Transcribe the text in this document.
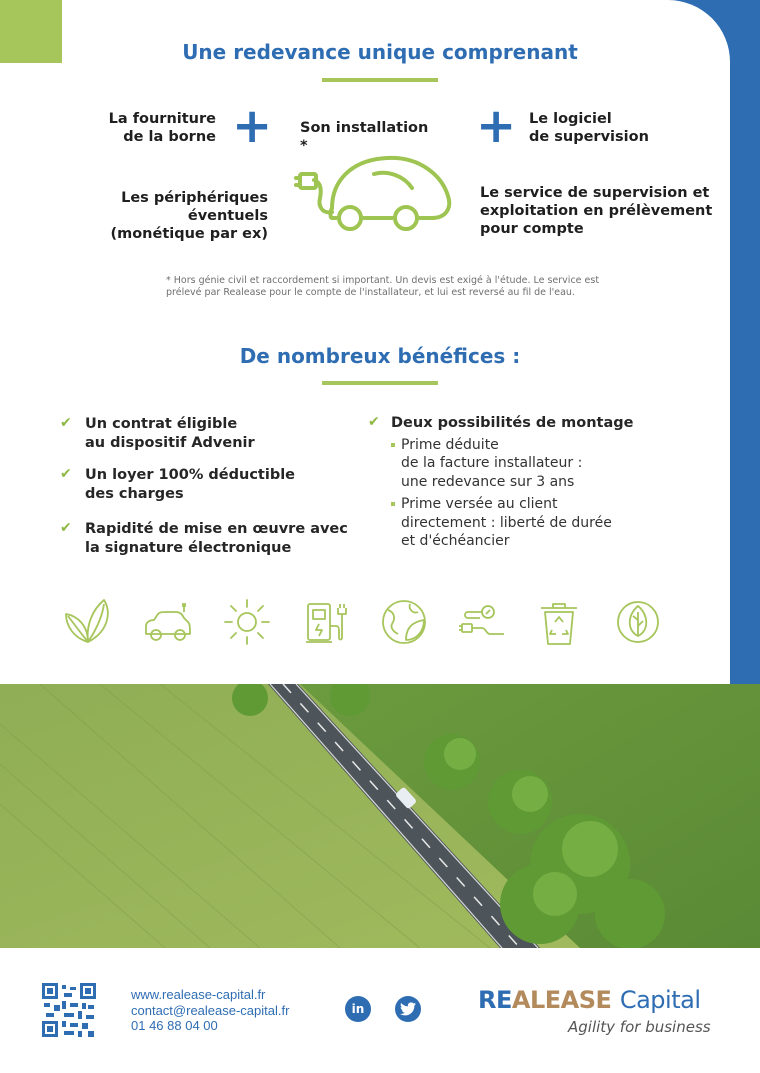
Une redevance unique comprenant
La fourniture
de la borne + Son installation *	+ Le logiciel
de supervision
Les périphériques éventuels
(monétique par ex)
Le service de supervision et
exploitation en prélèvement
pour compte
* Hors génie civil et raccordement si important. Un devis est exigé à l'étude. Le service est
prélevé par Realease pour le compte de l'installateur, et lui est reversé au fil de l'eau.
De nombreux bénéfices :
✔ Un contrat éligible
au dispositif Advenir
✔ Un loyer 100% déductible
des charges
✔ Rapidité de mise en œuvre avec
la signature électronique
✔ Deux possibilités de montage
Prime déduite
de la facture installateur :
une redevance sur 3 ans
Prime versée au client
directement : liberté de durée
et d'échéancier
www.realease-capital.fr
contact@realease-capital.fr
01 46 88 04 00
in	REALEASE Capital
Agility for business
